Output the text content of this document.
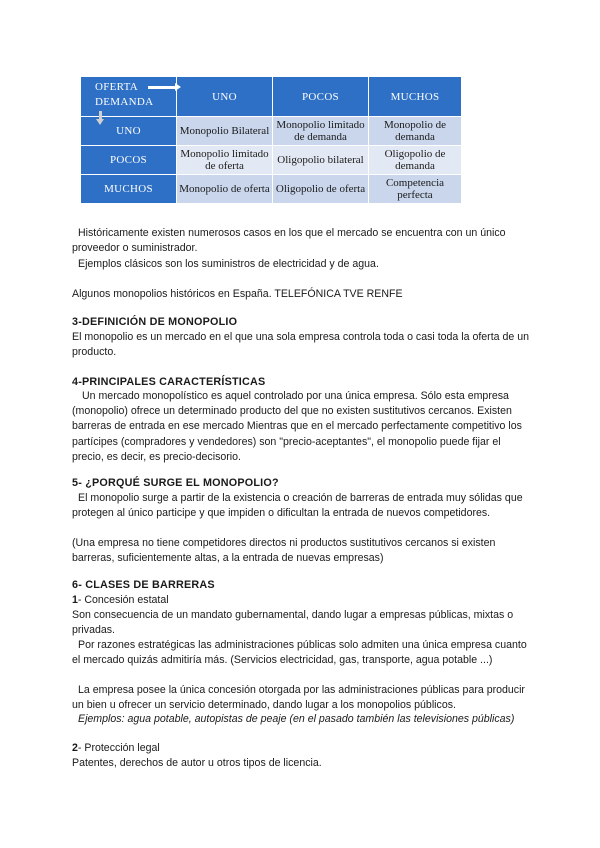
OFERTA
DEMANDA	UNO	POCOS	MUCHOS
UNO	Monopolio Bilateral	Monopolio limitado de demanda	Monopolio de demanda
POCOS	Monopolio limitado de oferta	Oligopolio bilateral	Oligopolio de demanda
MUCHOS	Monopolio de oferta	Oligopolio de oferta	Competencia perfecta

Históricamente existen numerosos casos en los que el mercado se encuentra con un único proveedor o suministrador.

Ejemplos clásicos son los suministros de electricidad y de agua.

Algunos monopolios históricos en España. TELEFÓNICA TVE RENFE

3-DEFINICIÓN DE MONOPOLIO

El monopolio es un mercado en el que una sola empresa controla toda o casi toda la oferta de un producto.

4-PRINCIPALES CARACTERÍSTICAS

Un mercado monopolístico es aquel controlado por una única empresa. Sólo esta empresa (monopolio) ofrece un determinado producto del que no existen sustitutivos cercanos. Existen barreras de entrada en ese mercado Mientras que en el mercado perfectamente competitivo los partícipes (compradores y vendedores) son "precio-aceptantes", el monopolio puede fijar el precio, es decir, es precio-decisorio.

5- ¿PORQUÉ SURGE EL MONOPOLIO?

El monopolio surge a partir de la existencia o creación de barreras de entrada muy sólidas que protegen al único participe y que impiden o dificultan la entrada de nuevos competidores.

(Una empresa no tiene competidores directos ni productos sustitutivos cercanos si existen barreras, suficientemente altas, a la entrada de nuevas empresas)

6- CLASES DE BARRERAS

1- Concesión estatal

Son consecuencia de un mandato gubernamental, dando lugar a empresas públicas, mixtas o privadas.

Por razones estratégicas las administraciones públicas solo admiten una única empresa cuanto el mercado quizás admitiría más. (Servicios electricidad, gas, transporte, agua potable ...)

La empresa posee la única concesión otorgada por las administraciones públicas para producir un bien u ofrecer un servicio determinado, dando lugar a los monopolios públicos.

Ejemplos: agua potable, autopistas de peaje (en el pasado también las televisiones públicas)

2- Protección legal

Patentes, derechos de autor u otros tipos de licencia.
